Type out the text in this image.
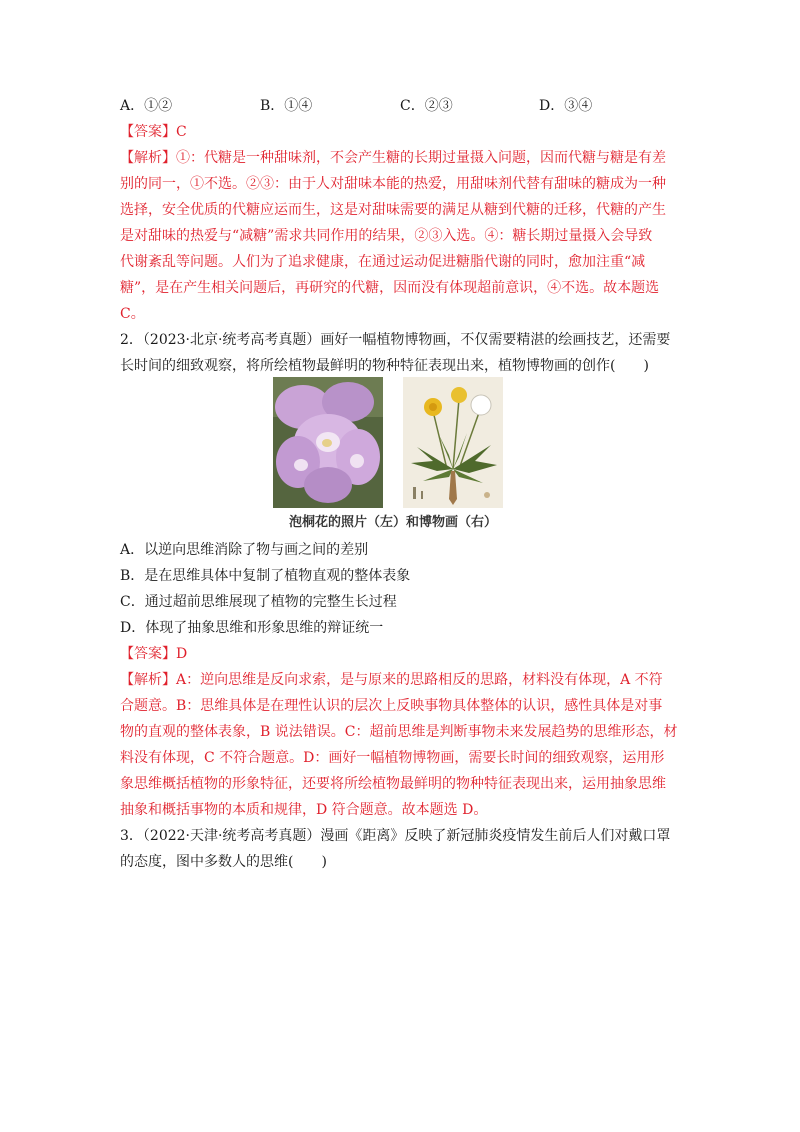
A．①②	B．①④	C．②③	D．③④
【答案】C
【解析】①：代糖是一种甜味剂，不会产生糖的长期过量摄入问题，因而代糖与糖是有差
别的同一，①不选。②③：由于人对甜味本能的热爱，用甜味剂代替有甜味的糖成为一种
选择，安全优质的代糖应运而生，这是对甜味需要的满足从糖到代糖的迁移，代糖的产生
是对甜味的热爱与“减糖”需求共同作用的结果，②③入选。④：糖长期过量摄入会导致
代谢紊乱等问题。人们为了追求健康，在通过运动促进糖脂代谢的同时，愈加注重“减
糖”，是在产生相关问题后，再研究的代糖，因而没有体现超前意识，④不选。故本题选
C。
2．（2023·北京·统考高考真题）画好一幅植物博物画，不仅需要精湛的绘画技艺，还需要
长时间的细致观察，将所绘植物最鲜明的物种特征表现出来，植物博物画的创作(　　)
泡桐花的照片（左）和博物画（右）
A．以逆向思维消除了物与画之间的差别
B．是在思维具体中复制了植物直观的整体表象
C．通过超前思维展现了植物的完整生长过程
D．体现了抽象思维和形象思维的辩证统一
【答案】D
【解析】A：逆向思维是反向求索，是与原来的思路相反的思路，材料没有体现，A 不符
合题意。B：思维具体是在理性认识的层次上反映事物具体整体的认识，感性具体是对事
物的直观的整体表象，B 说法错误。C：超前思维是判断事物未来发展趋势的思维形态，材
料没有体现，C 不符合题意。D：画好一幅植物博物画，需要长时间的细致观察，运用形
象思维概括植物的形象特征，还要将所绘植物最鲜明的物种特征表现出来，运用抽象思维
抽象和概括事物的本质和规律，D 符合题意。故本题选 D。
3．（2022·天津·统考高考真题）漫画《距离》反映了新冠肺炎疫情发生前后人们对戴口罩
的态度，图中多数人的思维(　　)
